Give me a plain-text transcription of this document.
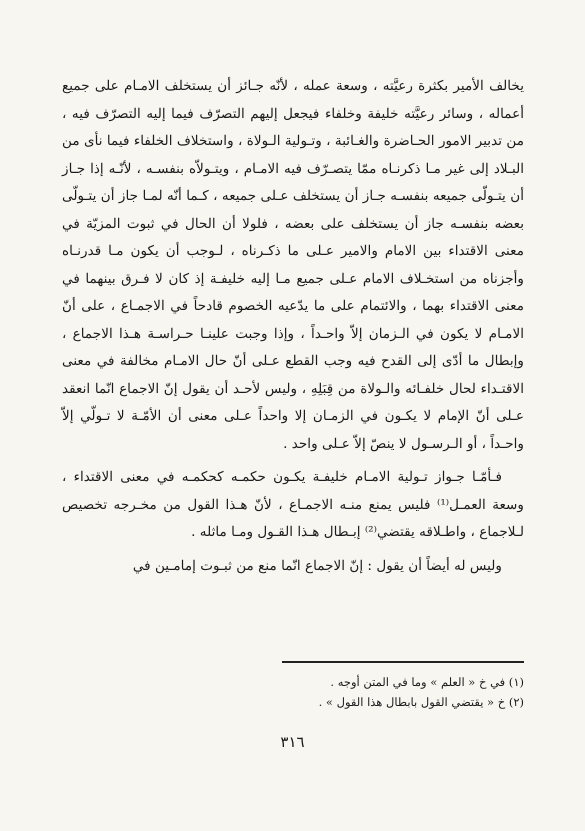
يخالف الأمير بكثرة رعيَّته ، وسعة عمله ، لأنّه جـائز أن يستخلف الامـام على جميع أعماله ، وسائر رعيَّته خليفة وخلفاء فيجعل إليهم التصرّف فيما إليه التصرّف فيه ، من تدبير الامور الحـاضرة والغـائبة ، وتـولية الـولاة ، واستخلاف الخلفاء فيما نأى من البـلاد إلى غير مـا ذكرنـاه ممّا يتصـرّف فيه الامـام ، ويتـولاّه بنفسـه ، لأنّـه إذا جـاز أن يتـولّى جميعه بنفسـه جـاز أن يستخلف عـلى جميعه ، كـما أنّه لمـا جاز أن يتـولّى بعضه بنفسـه جاز أن يستخلف على بعضه ، فلولا أن الحال في ثبوت المزيّة في معنى الاقتداء بين الامام والامير عـلى ما ذكـرناه ، لـوجب أن يكون مـا قدرنـاه وأجزناه من استخـلاف الامام عـلى جميع مـا إليه خليفـة إذ كان لا فـرق بينهما في معنى الاقتداء بهما ، والائتمام على ما يدّعيه الخصوم قادحاً في الاجمـاع ، على أنّ الامـام لا يكون في الـزمان إلاّ واحـداً ، وإذا وجبت علينـا حـراسـة هـذا الاجماع ، وإبطال ما أدّى إلى القدح فيه وجب القطع عـلى أنّ حال الامـام مخالفة في معنى الاقتـداء لحال خلفـائه والـولاة من قِبَلِهِ ، وليس لأحـد أن يقول إنّ الاجماع انّما انعقد عـلى أنّ الإمام لا يكـون في الزمـان إلا واحداً عـلى معنى أن الأمّـة لا تـولّي إلاّ واحـداً ، أو الـرسـول لا ينصّ إلاّ عـلى واحد .

فـأمّـا جـواز تـولية الامـام خليفـة يكـون حكمـه كحكمـه في معنى الاقتداء ، وسعة العمـل⁽¹⁾ فليس يمنع منـه الاجمـاع ، لأنّ هـذا القول من مخـرجه تخصيص لـلاجماع ، واطـلاقه يقتضي⁽²⁾ إبـطال هـذا القـول ومـا ماثله .

وليس له أيضاً أن يقول : إنّ الاجماع انّما منع من ثبـوت إمامـين في

(١) في خ « العلم » وما في المتن أوجه .
(٢) خ « يقتضي القول بابطال هذا القول » .
٣١٦
